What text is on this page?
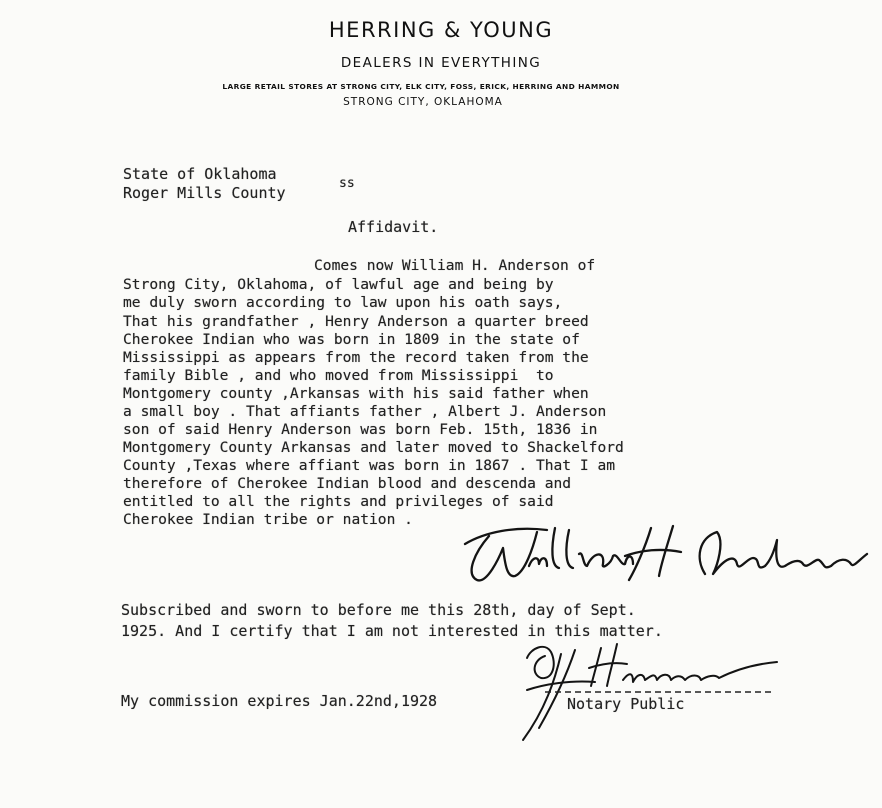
HERRING & YOUNG
DEALERS IN EVERYTHING
LARGE RETAIL STORES AT STRONG CITY, ELK CITY, FOSS, ERICK, HERRING AND HAMMON
STRONG CITY, OKLAHOMA
State of Oklahoma
Roger Mills County
ss
Affidavit.
Comes now William H. Anderson of
Strong City, Oklahoma, of lawful age and being by
me duly sworn according to law upon his oath says,
That his grandfather , Henry Anderson a quarter breed
Cherokee Indian who was born in 1809 in the state of
Mississippi as appears from the record taken from the
family Bible , and who moved from Mississippi  to
Montgomery county ,Arkansas with his said father when
a small boy . That affiants father , Albert J. Anderson
son of said Henry Anderson was born Feb. 15th, 1836 in
Montgomery County Arkansas and later moved to Shackelford
County ,Texas where affiant was born in 1867 . That I am
therefore of Cherokee Indian blood and descenda and
entitled to all the rights and privileges of said
Cherokee Indian tribe or nation .
Subscribed and sworn to before me this 28th, day of Sept.
1925. And I certify that I am not interested in this matter.
My commission expires Jan.22nd,1928	Notary Public
